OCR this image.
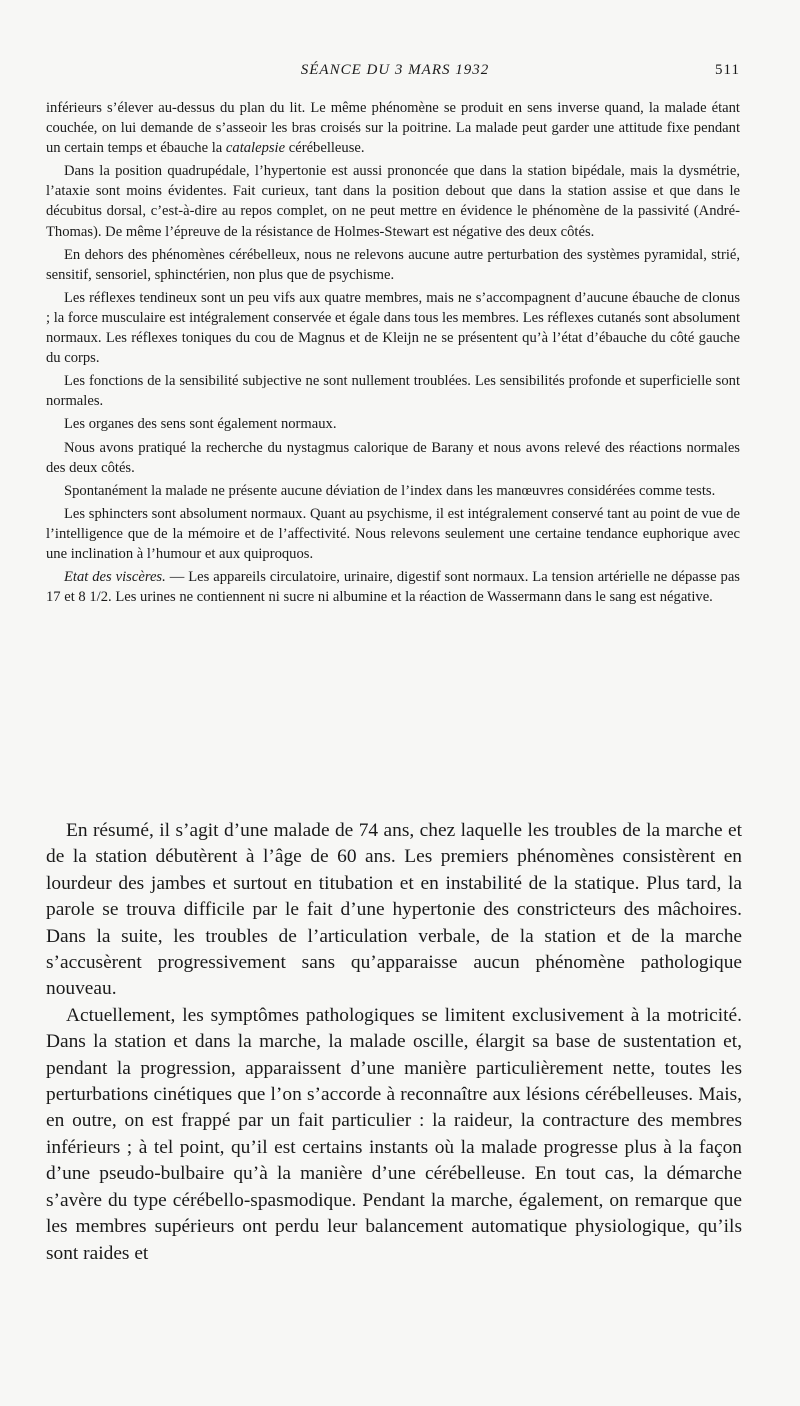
SÉANCE DU 3 MARS 1932	511

inférieurs s’élever au-dessus du plan du lit. Le même phénomène se produit en sens inverse quand, la malade étant couchée, on lui demande de s’asseoir les bras croisés sur la poitrine. La malade peut garder une attitude fixe pendant un certain temps et ébauche la catalepsie cérébelleuse.

Dans la position quadrupédale, l’hypertonie est aussi prononcée que dans la station bipédale, mais la dysmétrie, l’ataxie sont moins évidentes. Fait curieux, tant dans la position debout que dans la station assise et que dans le décubitus dorsal, c’est-à-dire au repos complet, on ne peut mettre en évidence le phénomène de la passivité (André-Thomas). De même l’épreuve de la résistance de Holmes-Stewart est négative des deux côtés.

En dehors des phénomènes cérébelleux, nous ne relevons aucune autre perturbation des systèmes pyramidal, strié, sensitif, sensoriel, sphinctérien, non plus que de psychisme.

Les réflexes tendineux sont un peu vifs aux quatre membres, mais ne s’accompagnent d’aucune ébauche de clonus ; la force musculaire est intégralement conservée et égale dans tous les membres. Les réflexes cutanés sont absolument normaux. Les réflexes toniques du cou de Magnus et de Kleijn ne se présentent qu’à l’état d’ébauche du côté gauche du corps.

Les fonctions de la sensibilité subjective ne sont nullement troublées. Les sensibilités profonde et superficielle sont normales.

Les organes des sens sont également normaux.

Nous avons pratiqué la recherche du nystagmus calorique de Barany et nous avons relevé des réactions normales des deux côtés.

Spontanément la malade ne présente aucune déviation de l’index dans les manœuvres considérées comme tests.

Les sphincters sont absolument normaux. Quant au psychisme, il est intégralement conservé tant au point de vue de l’intelligence que de la mémoire et de l’affectivité. Nous relevons seulement une certaine tendance euphorique avec une inclination à l’humour et aux quiproquos.

Etat des viscères. — Les appareils circulatoire, urinaire, digestif sont normaux. La tension artérielle ne dépasse pas 17 et 8 1/2. Les urines ne contiennent ni sucre ni albumine et la réaction de Wassermann dans le sang est négative.

En résumé, il s’agit d’une malade de 74 ans, chez laquelle les troubles de la marche et de la station débutèrent à l’âge de 60 ans. Les premiers phénomènes consistèrent en lourdeur des jambes et surtout en titubation et en instabilité de la statique. Plus tard, la parole se trouva difficile par le fait d’une hypertonie des constricteurs des mâchoires. Dans la suite, les troubles de l’articulation verbale, de la station et de la marche s’accusèrent progressivement sans qu’apparaisse aucun phénomène pathologique nouveau.

Actuellement, les symptômes pathologiques se limitent exclusivement à la motricité. Dans la station et dans la marche, la malade oscille, élargit sa base de sustentation et, pendant la progression, apparaissent d’une manière particulièrement nette, toutes les perturbations cinétiques que l’on s’accorde à reconnaître aux lésions cérébelleuses. Mais, en outre, on est frappé par un fait particulier : la raideur, la contracture des membres inférieurs ; à tel point, qu’il est certains instants où la malade progresse plus à la façon d’une pseudo-bulbaire qu’à la manière d’une cérébelleuse. En tout cas, la démarche s’avère du type cérébello-spasmodique. Pendant la marche, également, on remarque que les membres supérieurs ont perdu leur balancement automatique physiologique, qu’ils sont raides et
